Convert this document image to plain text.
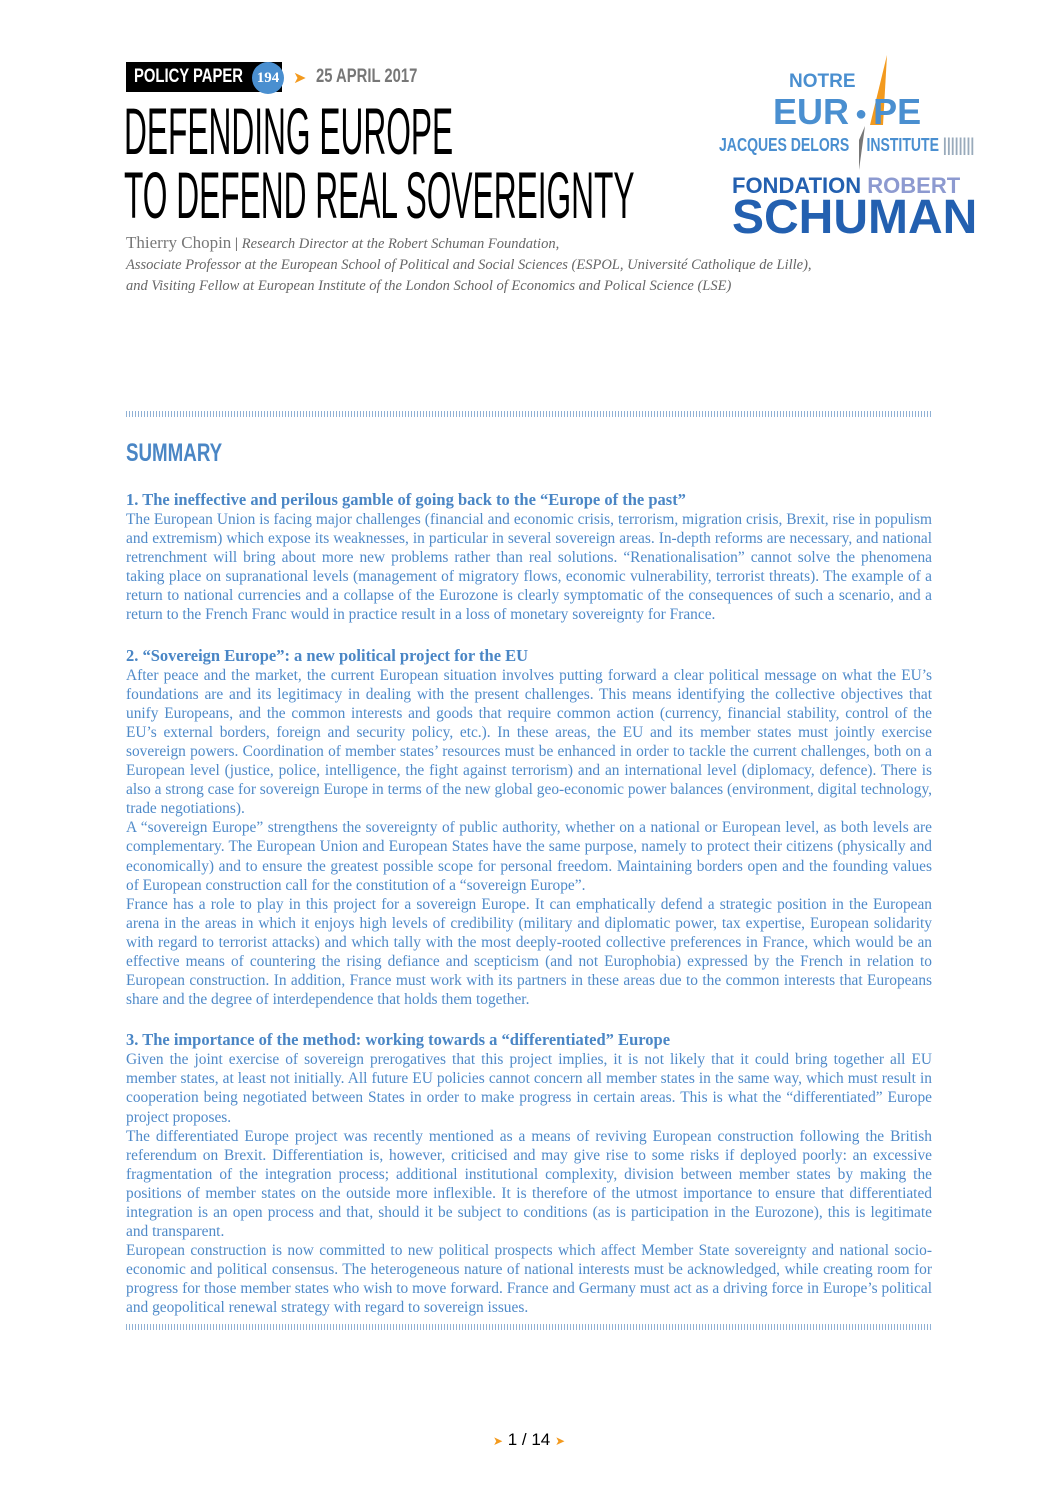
POLICY PAPER 194 ➤ 25 APRIL 2017
DEFENDING EUROPE
TO DEFEND REAL SOVEREIGNTY
NOTRE
EUR ● PE
JACQUES DELORS INSTITUTE ||||||||
FONDATION ROBERT
SCHUMAN
Thierry Chopin | Research Director at the Robert Schuman Foundation,
Associate Professor at the European School of Political and Social Sciences (ESPOL, Université Catholique de Lille),
and Visiting Fellow at European Institute of the London School of Economics and Polical Science (LSE)
SUMMARY
1. The ineffective and perilous gamble of going back to the “Europe of the past”

The European Union is facing major challenges (financial and economic crisis, terrorism, migration crisis, Brexit, rise in populism and extremism) which expose its weaknesses, in particular in several sovereign areas. In-depth reforms are necessary, and national retrenchment will bring about more new problems rather than real solutions. “Renationalisation” cannot solve the phenomena taking place on supranational levels (management of migratory flows, economic vulnerability, terrorist threats). The example of a return to national currencies and a collapse of the Eurozone is clearly symptomatic of the consequences of such a scenario, and a return to the French Franc would in practice result in a loss of monetary sovereignty for France.

2. “Sovereign Europe”: a new political project for the EU

After peace and the market, the current European situation involves putting forward a clear political message on what the EU’s foundations are and its legitimacy in dealing with the present challenges. This means identifying the collective objectives that unify Europeans, and the common interests and goods that require common action (currency, financial stability, control of the EU’s external borders, foreign and security policy, etc.). In these areas, the EU and its member states must jointly exercise sovereign powers. Coordination of member states’ resources must be enhanced in order to tackle the current challenges, both on a European level (justice, police, intelligence, the fight against terrorism) and an international level (diplomacy, defence). There is also a strong case for sovereign Europe in terms of the new global geo-economic power balances (environment, digital technology, trade negotiations).

A “sovereign Europe” strengthens the sovereignty of public authority, whether on a national or European level, as both levels are complementary. The European Union and European States have the same purpose, namely to protect their citizens (physically and economically) and to ensure the greatest possible scope for personal freedom. Maintaining borders open and the founding values of European construction call for the constitution of a “sovereign Europe”.

France has a role to play in this project for a sovereign Europe. It can emphatically defend a strategic position in the European arena in the areas in which it enjoys high levels of credibility (military and diplomatic power, tax expertise, European solidarity with regard to terrorist attacks) and which tally with the most deeply-rooted collective preferences in France, which would be an effective means of countering the rising defiance and scepticism (and not Europhobia) expressed by the French in relation to European construction. In addition, France must work with its partners in these areas due to the common interests that Europeans share and the degree of interdependence that holds them together.

3. The importance of the method: working towards a “differentiated” Europe

Given the joint exercise of sovereign prerogatives that this project implies, it is not likely that it could bring together all EU member states, at least not initially. All future EU policies cannot concern all member states in the same way, which must result in cooperation being negotiated between States in order to make progress in certain areas. This is what the “differentiated” Europe project proposes.

The differentiated Europe project was recently mentioned as a means of reviving European construction following the British referendum on Brexit. Differentiation is, however, criticised and may give rise to some risks if deployed poorly: an excessive fragmentation of the integration process; additional institutional complexity, division between member states by making the positions of member states on the outside more inflexible. It is therefore of the utmost importance to ensure that differentiated integration is an open process and that, should it be subject to conditions (as is participation in the Eurozone), this is legitimate and transparent.

European construction is now committed to new political prospects which affect Member State sovereignty and national socio-economic and political consensus. The heterogeneous nature of national interests must be acknowledged, while creating room for progress for those member states who wish to move forward. France and Germany must act as a driving force in Europe’s political and geopolitical renewal strategy with regard to sovereign issues.

➤ 1 / 14 ➤
